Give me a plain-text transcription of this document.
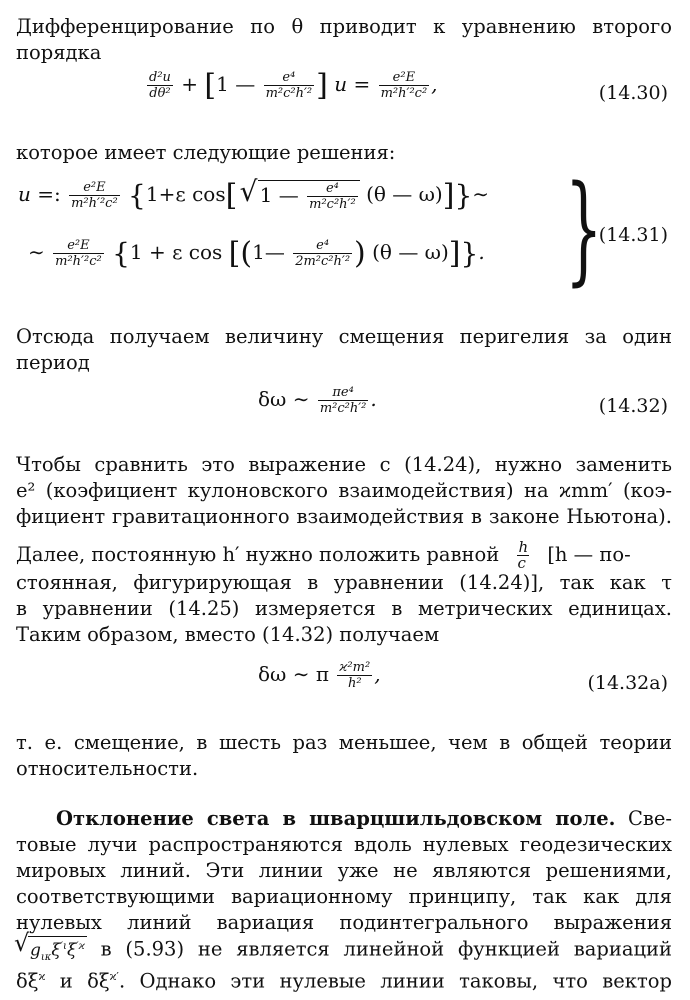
Дифференцирование по θ приводит к уравнению второго
порядка
$\frac{\text{d²u}}{\text{dθ²}} + [1$ — $\frac{\text{e⁴}}{\text{m²c²h′²}}$ ] $u = \frac{\text{e²E}}{\text{m²h′²c²}}$ ,	(14.30)
которое имеет следующие решения:
u =: $\frac{\text{e²E}}{\text{m²h′²c²}} \{1+\varepsilon$ cos[ √ 1 — $\frac{\text{e⁴}}{\text{m²c²h′²}} (\theta$ — ω)]}∼
∼ $\frac{\text{e²E}}{\text{m²h′²c²}} \{1 + \varepsilon$ cos [(1— $\frac{\text{e⁴}}{\text{2m²c²h′²}}$ ) (θ — ω)]}. }
(14.31)
Отсюда получаем величину смещения перигелия за один
период
δω ∼ $\frac{\text{πe⁴}}{\text{m²c²h′²}}$ .	(14.32)
Чтобы сравнить это выражение с (14.24), нужно заменить
e² (коэфициент кулоновского взаимодействия) на ϰmm′ (коэ-
фициент гравитационного взаимодействия в законе Ньютона).
Далее, постоянную h′ нужно положить равной $\frac{h}{c} [h$ — по-
стоянная, фигурирующая в уравнении (14.24)], так как τ
в уравнении (14.25) измеряется в метрических единицах.
Таким образом, вместо (14.32) получаем
δω ∼ π $\frac{\text{ϰ²m²}}{\text{h²}}$ ,	(14.32a)
т. е. смещение, в шесть раз меньшее, чем в общей теории
относительности.
Отклонение света в шварцшильдовском поле. Све-
товые лучи распространяются вдоль нулевых геодезических
мировых линий. Эти линии уже не являются решениями,
соответствующими вариационному принципу, так как для
нулевых линий вариация подинтегрального выражения
√ $g_{\iota\kappa}\xi^{'\iota}\xi^{'ϰ}$ в (5.93) не является линейной функцией вариаций
$\delta\xi^ϰ$ и $\delta\xi^{ϰ'}$. Однако эти нулевые линии таковы, что вектор
